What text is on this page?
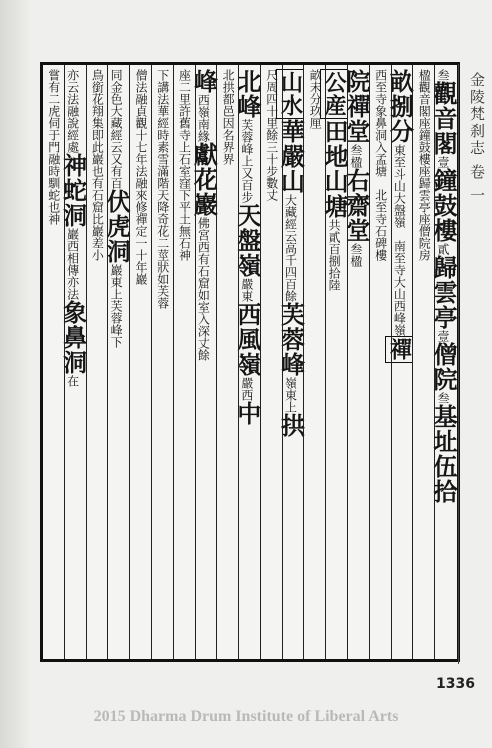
叁觀音閣壹鐘鼓樓貳歸雲亭壹僧院叁基址伍拾
楹觀音閣座鐘鼓樓座歸雲亭座僧院房
畝捌分東至斗山大盤嶺　南至寺大山西峰嶺禪
西至寺象鼻洞入孟塘　北至寺石碑樓
院禪堂叁楹右齋堂叁楹
公産田地山塘共貳百捌拾陸
畝未分玖厘
山水華嚴山大藏經云高千四百餘芙蓉峰嶺東上拱
尺周四十里餘三十步數丈
北峰芙蓉峰上又百步天盤嶺嚴東西風嶺嚴西中
北拱都邑因名界界
峰西嶺南緣獻花巖佛宮西有石窟如室入深丈餘
座二里許舊寺上石室窪下平土無石神
下講法華經時素雪滿階天降奇花二莖狀如芙蓉
僧法融貞觀十七年法融來修禪定一十年巖
同金色大藏經云又有百伏虎洞巖東上芙蓉峰下
鳥銜花翔集即此巖也有石窟比巖差小
亦云法融說經處神蛇洞巖西相傳亦法象鼻洞在
嘗有二虎伺于門融時馴蛇也神
金陵梵刹志 卷 一
1336
2015 Dharma Drum Institute of Liberal Arts
